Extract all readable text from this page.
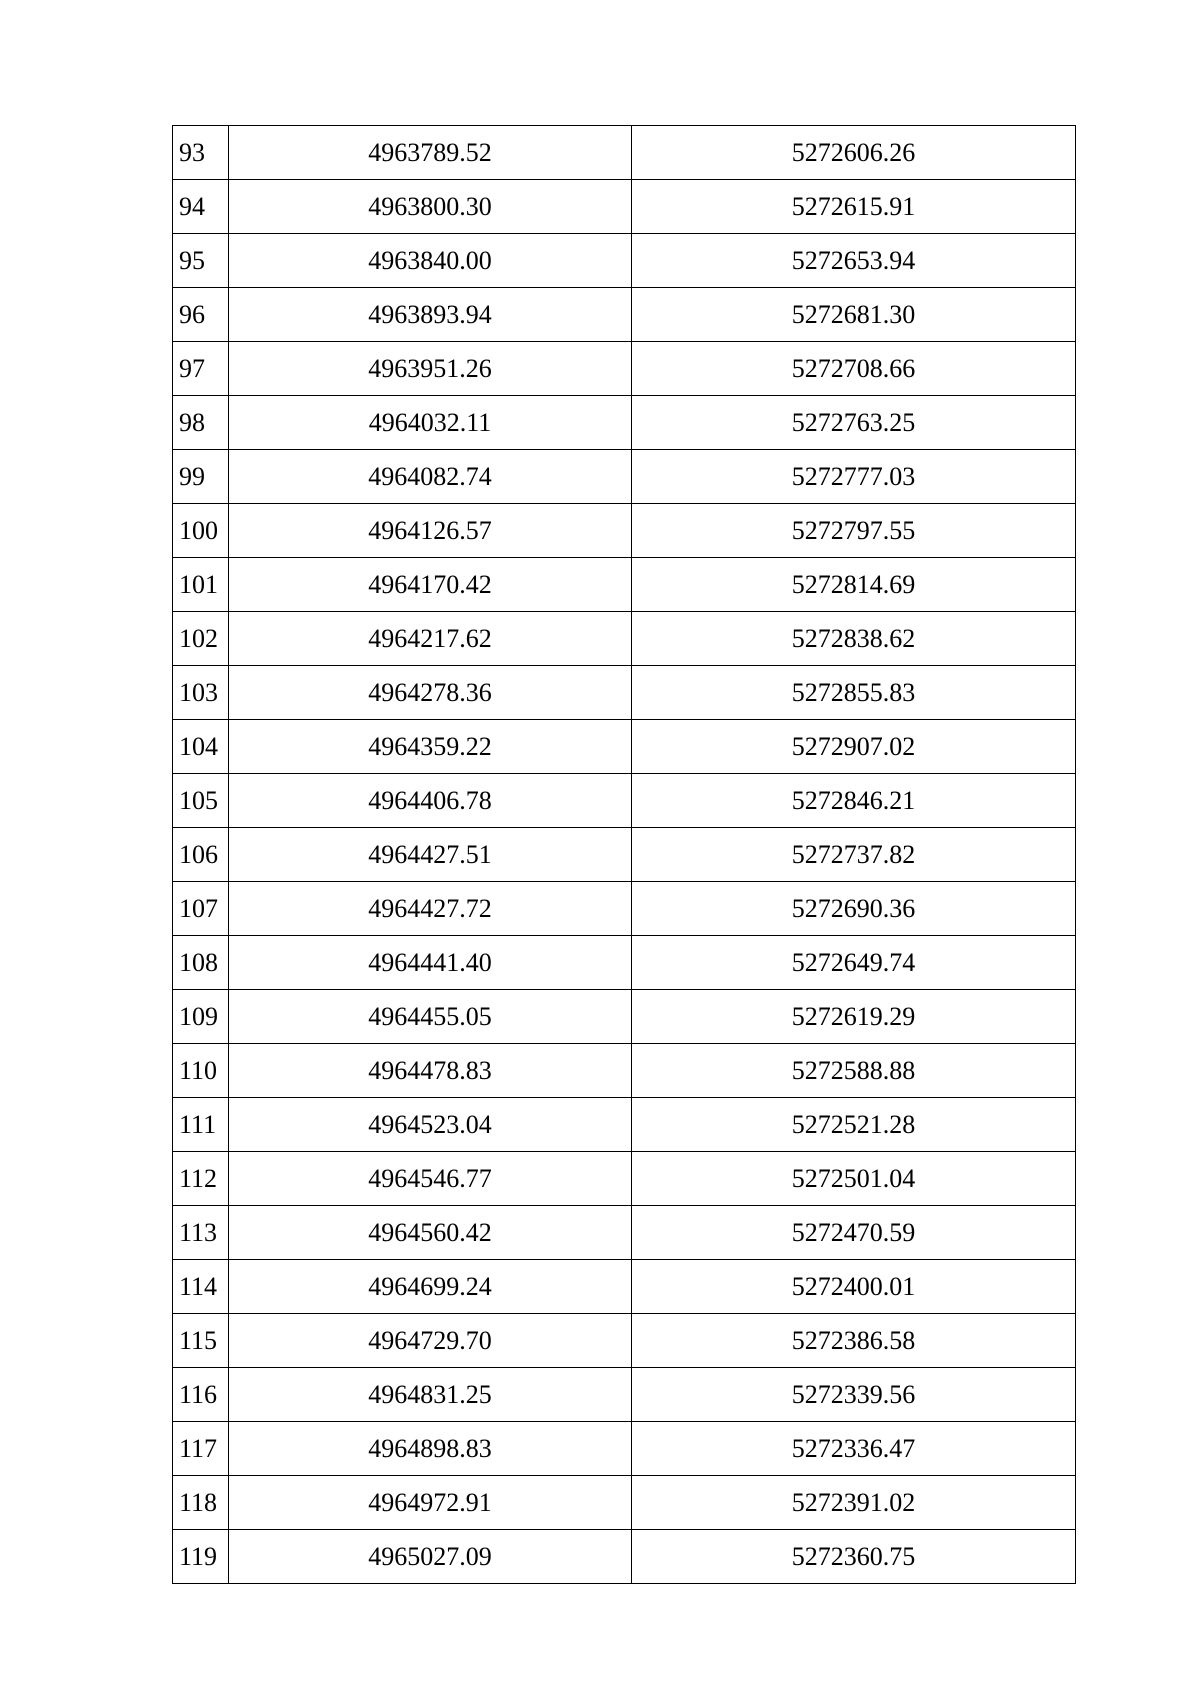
93	4963789.52	5272606.26
94	4963800.30	5272615.91
95	4963840.00	5272653.94
96	4963893.94	5272681.30
97	4963951.26	5272708.66
98	4964032.11	5272763.25
99	4964082.74	5272777.03
100	4964126.57	5272797.55
101	4964170.42	5272814.69
102	4964217.62	5272838.62
103	4964278.36	5272855.83
104	4964359.22	5272907.02
105	4964406.78	5272846.21
106	4964427.51	5272737.82
107	4964427.72	5272690.36
108	4964441.40	5272649.74
109	4964455.05	5272619.29
110	4964478.83	5272588.88
111	4964523.04	5272521.28
112	4964546.77	5272501.04
113	4964560.42	5272470.59
114	4964699.24	5272400.01
115	4964729.70	5272386.58
116	4964831.25	5272339.56
117	4964898.83	5272336.47
118	4964972.91	5272391.02
119	4965027.09	5272360.75
